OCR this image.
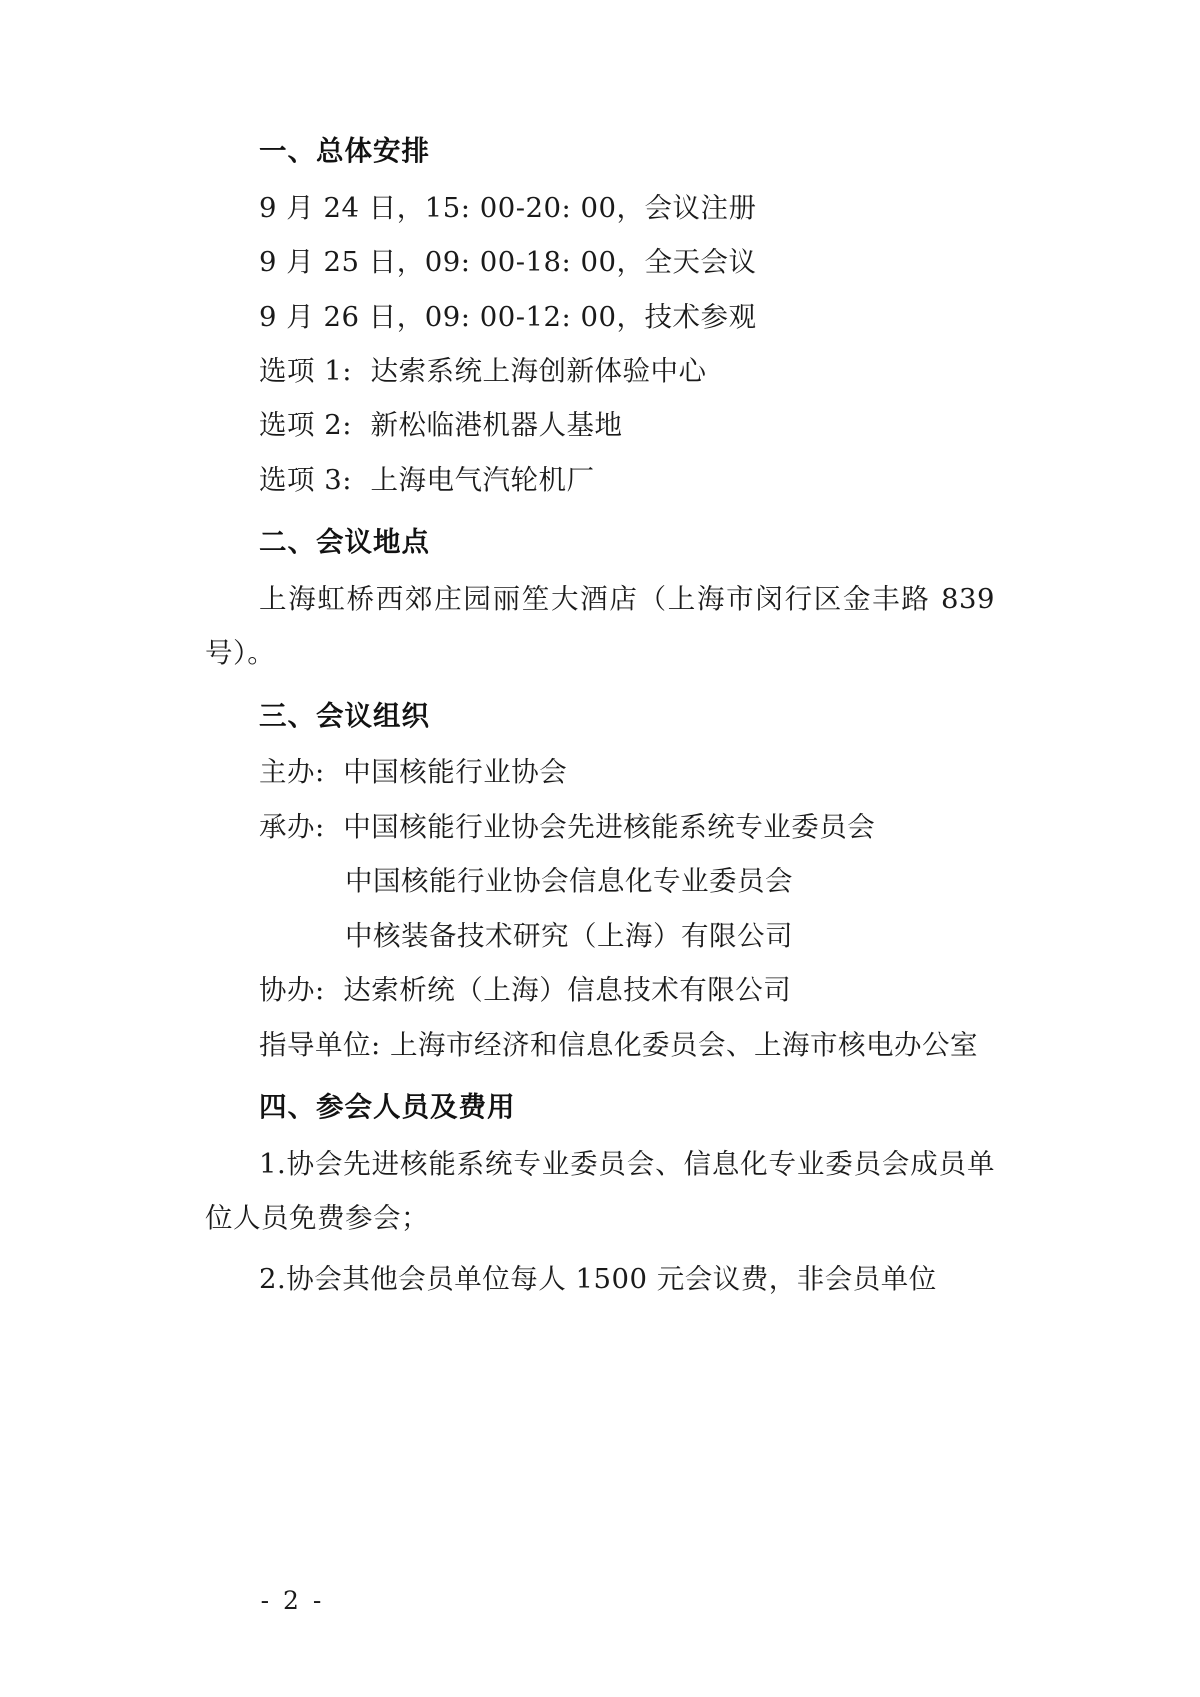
一、总体安排

9 月 24 日，15: 00-20: 00，会议注册

9 月 25 日，09: 00-18: 00，全天会议

9 月 26 日，09: 00-12: 00，技术参观

选项 1:  达索系统上海创新体验中心

选项 2:  新松临港机器人基地

选项 3:  上海电气汽轮机厂

二、会议地点

上海虹桥西郊庄园丽笙大酒店（上海市闵行区金丰路 839 号）。

三、会议组织

主办:  中国核能行业协会

承办:  中国核能行业协会先进核能系统专业委员会

中国核能行业协会信息化专业委员会

中核装备技术研究（上海）有限公司

协办:  达索析统（上海）信息技术有限公司

指导单位: 上海市经济和信息化委员会、上海市核电办公室

四、参会人员及费用

1.协会先进核能系统专业委员会、信息化专业委员会成员单位人员免费参会；

2.协会其他会员单位每人 1500 元会议费，非会员单位

- 2 -
